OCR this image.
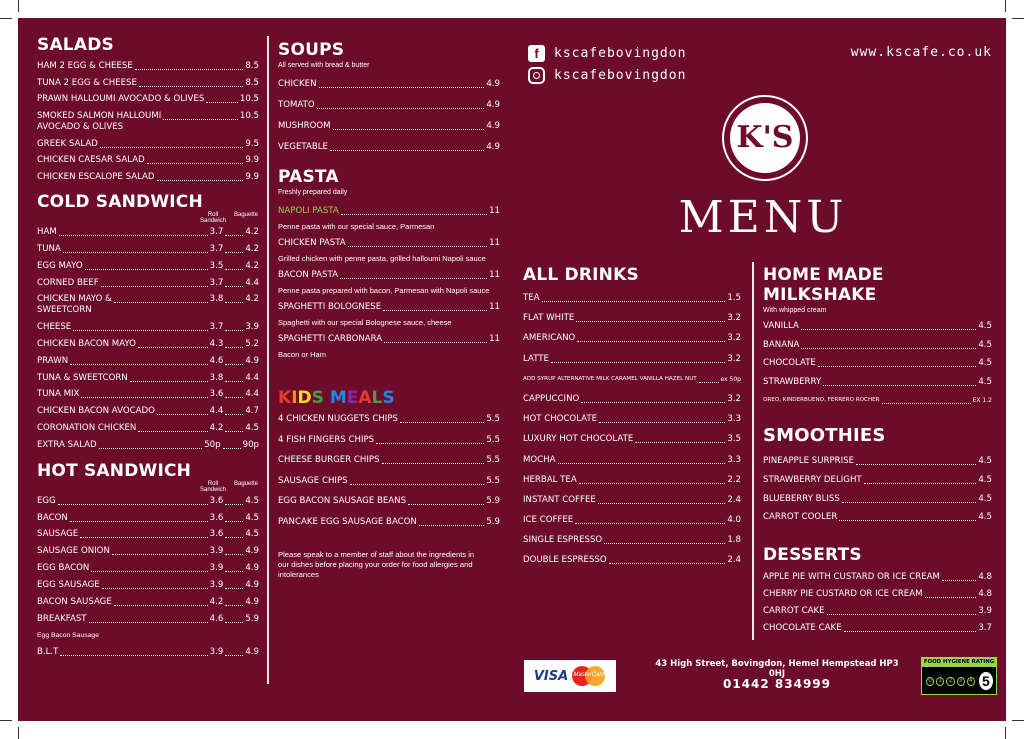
SALADS
HAM 2 EGG & CHEESE	8.5
TUNA 2 EGG & CHEESE	8.5
PRAWN HALLOUMI AVOCADO & OLIVES	10.5
SMOKED SALMON HALLOUMI	10.5
AVOCADO & OLIVES
GREEK SALAD	9.5
CHICKEN CAESAR SALAD	9.9
CHICKEN ESCALOPE SALAD	9.9
COLD SANDWICH
Roll Sandwich
Baguette
HAM	3.7	4.2
TUNA	3.7	4.2
EGG MAYO	3.5	4.2
CORNED BEEF	3.7	4.4
CHICKEN MAYO &	3.8	4.2
SWEETCORN
CHEESE	3.7	3.9
CHICKEN BACON MAYO	4.3	5.2
PRAWN	4.6	4.9
TUNA & SWEETCORN	3.8	4.4
TUNA MIX	3.6	4.4
CHICKEN BACON AVOCADO	4.4	4.7
CORONATION CHICKEN	4.2	4.5
EXTRA SALAD	50p	90p
HOT SANDWICH
Roll Sandwich
Baguette
EGG	3.6	4.5
BACON	3.6	4.5
SAUSAGE	3.6	4.5
SAUSAGE ONION	3.9	4.9
EGG BACON	3.9	4.9
EGG SAUSAGE	3.9	4.9
BACON SAUSAGE	4.2	4.9
BREAKFAST	4.6	5.9
Egg Bacon Sausage
B.L.T	3.9	4.9
SOUPS
All served with bread & butter
CHICKEN	4.9
TOMATO	4.9
MUSHROOM	4.9
VEGETABLE	4.9
PASTA
Freshly prepared daily
NAPOLI PASTA	11
Penne pasta with our special sauce, Parmesan
CHICKEN PASTA	11
Grilled chicken with penne pasta, grilled halloumi Napoli sauce
BACON PASTA	11
Penne pasta prepared with bacon, Parmesan with Napoli sauce
SPAGHETTI BOLOGNESE	11
Spaghetti with our special Bolognese sauce, cheese
SPAGHETTI CARBONARA	11
Bacon or Ham
KIDS MEALS
4 CHICKEN NUGGETS CHIPS	5.5
4 FISH FINGERS CHIPS	5.5
CHEESE BURGER CHIPS	5.5
SAUSAGE CHIPS	5.5
EGG BACON SAUSAGE BEANS	5.9
PANCAKE EGG SAUSAGE BACON	5.9
Please speak to a member of staff about the ingredients in our dishes before placing your order for food allergies and intolerances
f	kscafebovingdon
kscafebovingdon
www.kscafe.co.uk
K'S
MENU
ALL DRINKS
TEA	1.5
FLAT WHITE	3.2
AMERICANO	3.2
LATTE	3.2
ADD SYRUP ALTERNATIVE MILK CARAMEL VANILLA HAZEL NUT	ex 50p
CAPPUCCINO	3.2
HOT CHOCOLATE	3.3
LUXURY HOT CHOCOLATE	3.5
MOCHA	3.3
HERBAL TEA	2.2
INSTANT COFFEE	2.4
ICE COFFEE	4.0
SINGLE ESPRESSO	1.8
DOUBLE ESPRESSO	2.4
HOME MADE MILKSHAKE
With whipped cream
VANILLA	4.5
BANANA	4.5
CHOCOLATE	4.5
STRAWBERRY	4.5
OREO, KINDERBUENO, FERRERO ROCHER	EX 1.2
SMOOTHIES
PINEAPPLE SURPRISE	4.5
STRAWBERRY DELIGHT	4.5
BLUEBERRY BLISS	4.5
CARROT COOLER	4.5
DESSERTS
APPLE PIE WITH CUSTARD OR ICE CREAM	4.8
CHERRY PIE CUSTARD OR ICE CREAM	4.8
CARROT CAKE	3.9
CHOCOLATE CAKE	3.7
VISA MasterCard
43 High Street, Bovingdon, Hemel Hempstead HP3 0HJ
01442 834999
FOOD HYGIENE RATING
0	1	2	3	4 5
